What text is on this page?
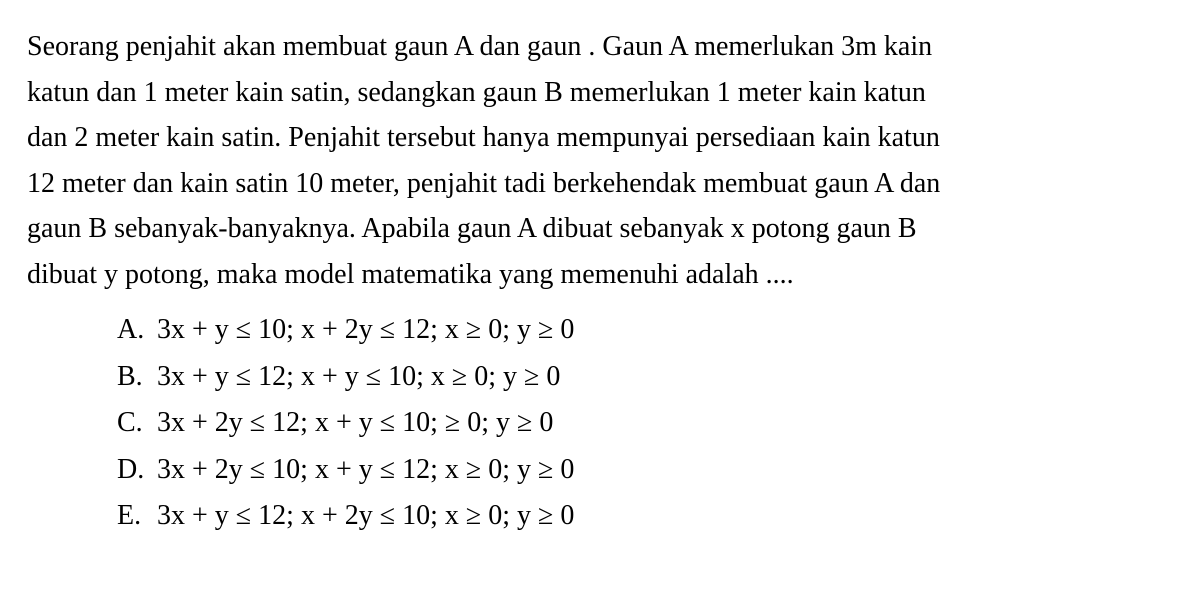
Seorang penjahit akan membuat gaun A dan gaun . Gaun A memerlukan 3m kain
katun dan 1 meter kain satin, sedangkan gaun B memerlukan 1 meter kain katun
dan 2 meter kain satin. Penjahit tersebut hanya mempunyai persediaan kain katun
12 meter dan kain satin 10 meter, penjahit tadi berkehendak membuat gaun A dan
gaun B sebanyak-banyaknya. Apabila gaun A dibuat sebanyak x potong gaun B
dibuat y potong, maka model matematika yang memenuhi adalah ....
A. 3x + y ≤ 10; x + 2y ≤ 12; x ≥ 0; y ≥ 0
B. 3x + y ≤ 12; x + y ≤ 10; x ≥ 0; y ≥ 0
C. 3x + 2y ≤ 12; x + y ≤ 10; ≥ 0; y ≥ 0
D. 3x + 2y ≤ 10; x + y ≤ 12; x ≥ 0; y ≥ 0
E. 3x + y ≤ 12; x + 2y ≤ 10; x ≥ 0; y ≥ 0
